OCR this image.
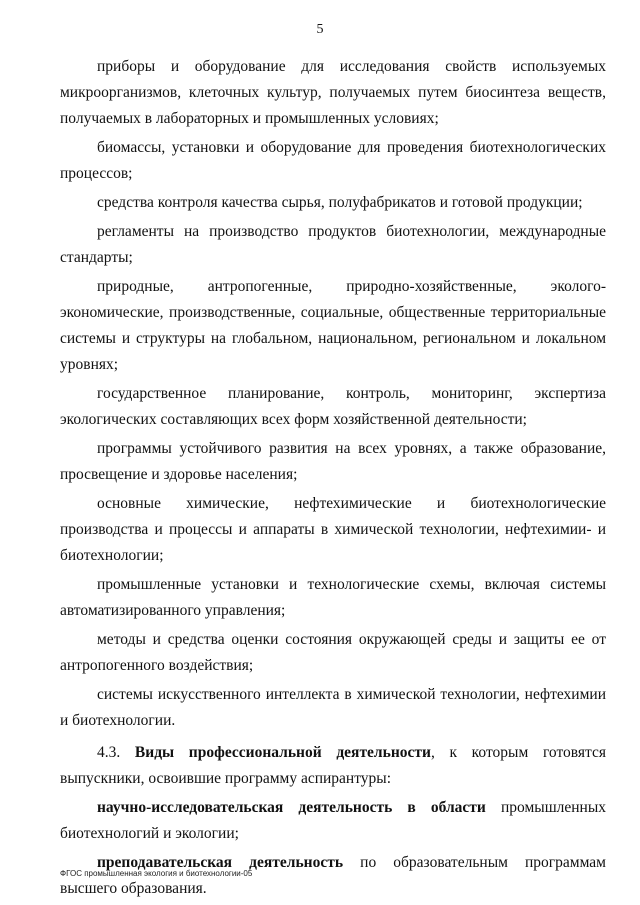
5

приборы и оборудование для исследования свойств используемых микроорганизмов, клеточных культур, получаемых путем биосинтеза веществ, получаемых в лабораторных и промышленных условиях;

биомассы, установки и оборудование для проведения биотехнологических процессов;

средства контроля качества сырья, полуфабрикатов и готовой продукции;

регламенты на производство продуктов биотехнологии, международные стандарты;

природные, антропогенные, природно-хозяйственные, эколого-экономические, производственные, социальные, общественные территориальные системы и структуры на глобальном, национальном, региональном и локальном уровнях;

государственное планирование, контроль, мониторинг, экспертиза экологических составляющих всех форм хозяйственной деятельности;

программы устойчивого развития на всех уровнях, а также образование, просвещение и здоровье населения;

основные химические, нефтехимические и биотехнологические производства и процессы и аппараты в химической технологии, нефтехимии- и биотехнологии;

промышленные установки и технологические схемы, включая системы автоматизированного управления;

методы и средства оценки состояния окружающей среды и защиты ее от антропогенного воздействия;

системы искусственного интеллекта в химической технологии, нефтехимии и биотехнологии.

4.3. Виды профессиональной деятельности, к которым готовятся выпускники, освоившие программу аспирантуры:

научно-исследовательская деятельность в области промышленных биотехнологий и экологии;

преподавательская деятельность по образовательным программам высшего образования.

ФГОС промышленная экология и биотехнологии-05
